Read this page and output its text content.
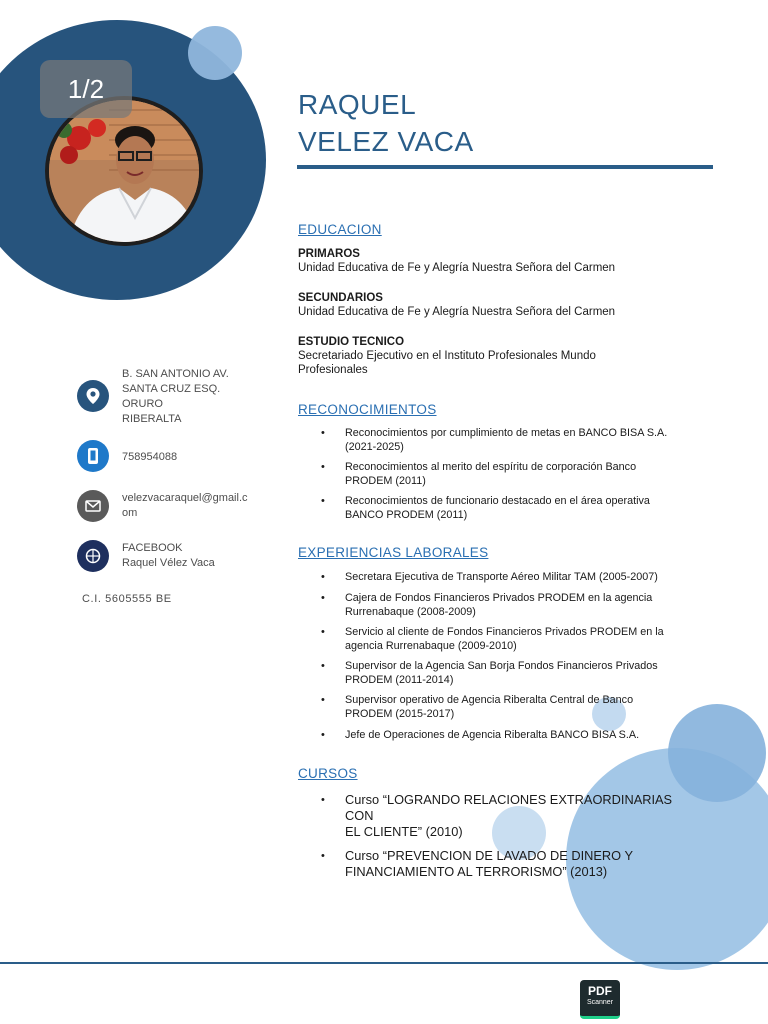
1/2
RAQUEL
VELEZ VACA
B. SAN ANTONIO AV.
SANTA CRUZ ESQ.
ORURO
RIBERALTA
758954088
velezvacaraquel@gmail.c
om
FACEBOOK
Raquel Vélez Vaca
C.I. 5605555 BE
EDUCACION
PRIMAROS
Unidad Educativa de Fe y Alegría Nuestra Señora del Carmen
SECUNDARIOS
Unidad Educativa de Fe y Alegría Nuestra Señora del Carmen
ESTUDIO TECNICO
Secretariado Ejecutivo en el Instituto Profesionales Mundo
Profesionales
RECONOCIMIENTOS
• Reconocimientos por cumplimiento de metas en BANCO BISA S.A.
(2021-2025)
• Reconocimientos al merito del espíritu de corporación Banco
PRODEM (2011)
• Reconocimientos de funcionario destacado en el área operativa
BANCO PRODEM (2011)
EXPERIENCIAS LABORALES
• Secretara Ejecutiva de Transporte Aéreo Militar TAM (2005-2007)
• Cajera de Fondos Financieros Privados PRODEM en la agencia
Rurrenabaque (2008-2009)
• Servicio al cliente de Fondos Financieros Privados PRODEM en la
agencia Rurrenabaque (2009-2010)
• Supervisor de la Agencia San Borja Fondos Financieros Privados
PRODEM (2011-2014)
• Supervisor operativo de Agencia Riberalta Central de Banco
PRODEM (2015-2017)
• Jefe de Operaciones de Agencia Riberalta BANCO BISA S.A.
CURSOS
• Curso “LOGRANDO RELACIONES EXTRAORDINARIAS CON
EL CLIENTE” (2010)
• Curso “PREVENCION DE LAVADO DE DINERO Y
FINANCIAMIENTO AL TERRORISMO” (2013)
PDF
Scanner
